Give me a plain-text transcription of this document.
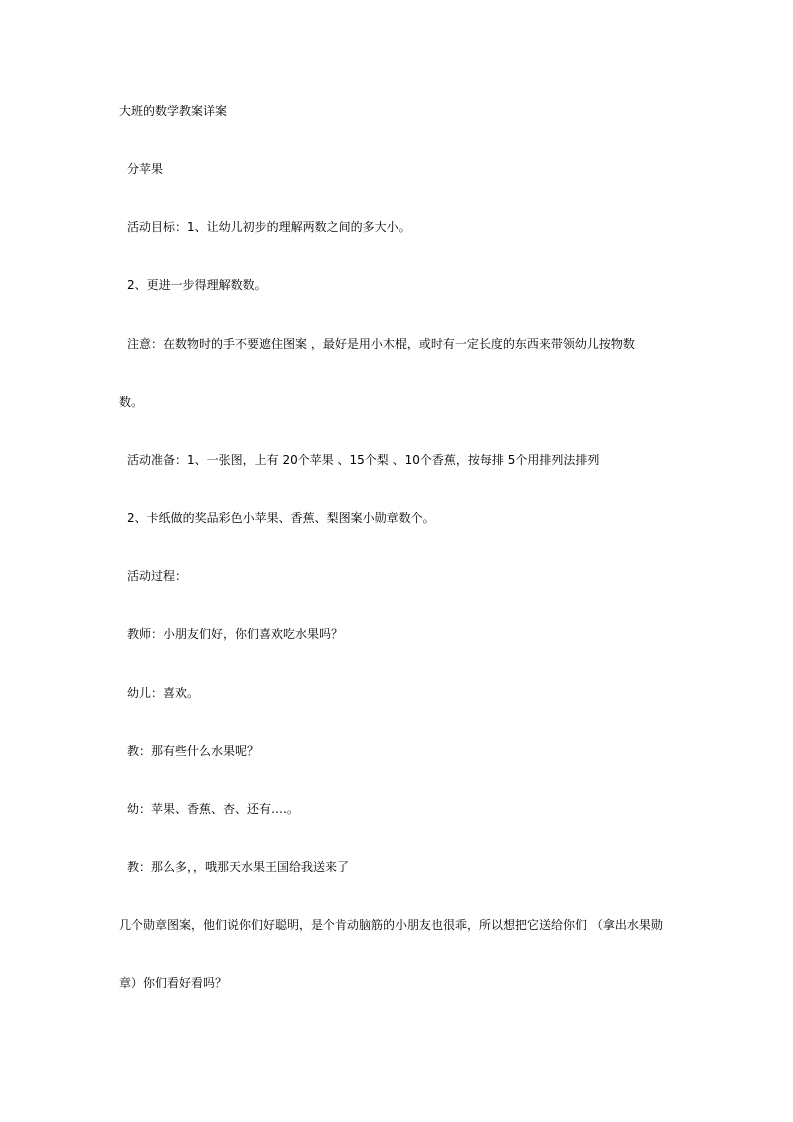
大班的数学教案详案

分苹果

活动目标：1、让幼儿初步的理解两数之间的多大小。

2、更进一步得理解数数。

注意：在数物时的手不要遮住图案 ，最好是用小木棍，或时有一定长度的东西来带领幼儿按物数

数。

活动准备：1、一张图，上有 20个苹果 、15个梨 、10个香蕉，按每排 5个用排列法排列

2、卡纸做的奖品彩色小苹果、香蕉、梨图案小勋章数个。

活动过程：

教师：小朋友们好，你们喜欢吃水果吗？

幼儿：喜欢。

教：那有些什么水果呢？

幼：苹果、香蕉、杏、还有….。

教：那么多，，哦那天水果王国给我送来了

几个勋章图案，他们说你们好聪明，是个肯动脑筋的小朋友也很乖，所以想把它送给你们 （拿出水果勋

章）你们看好看吗？
